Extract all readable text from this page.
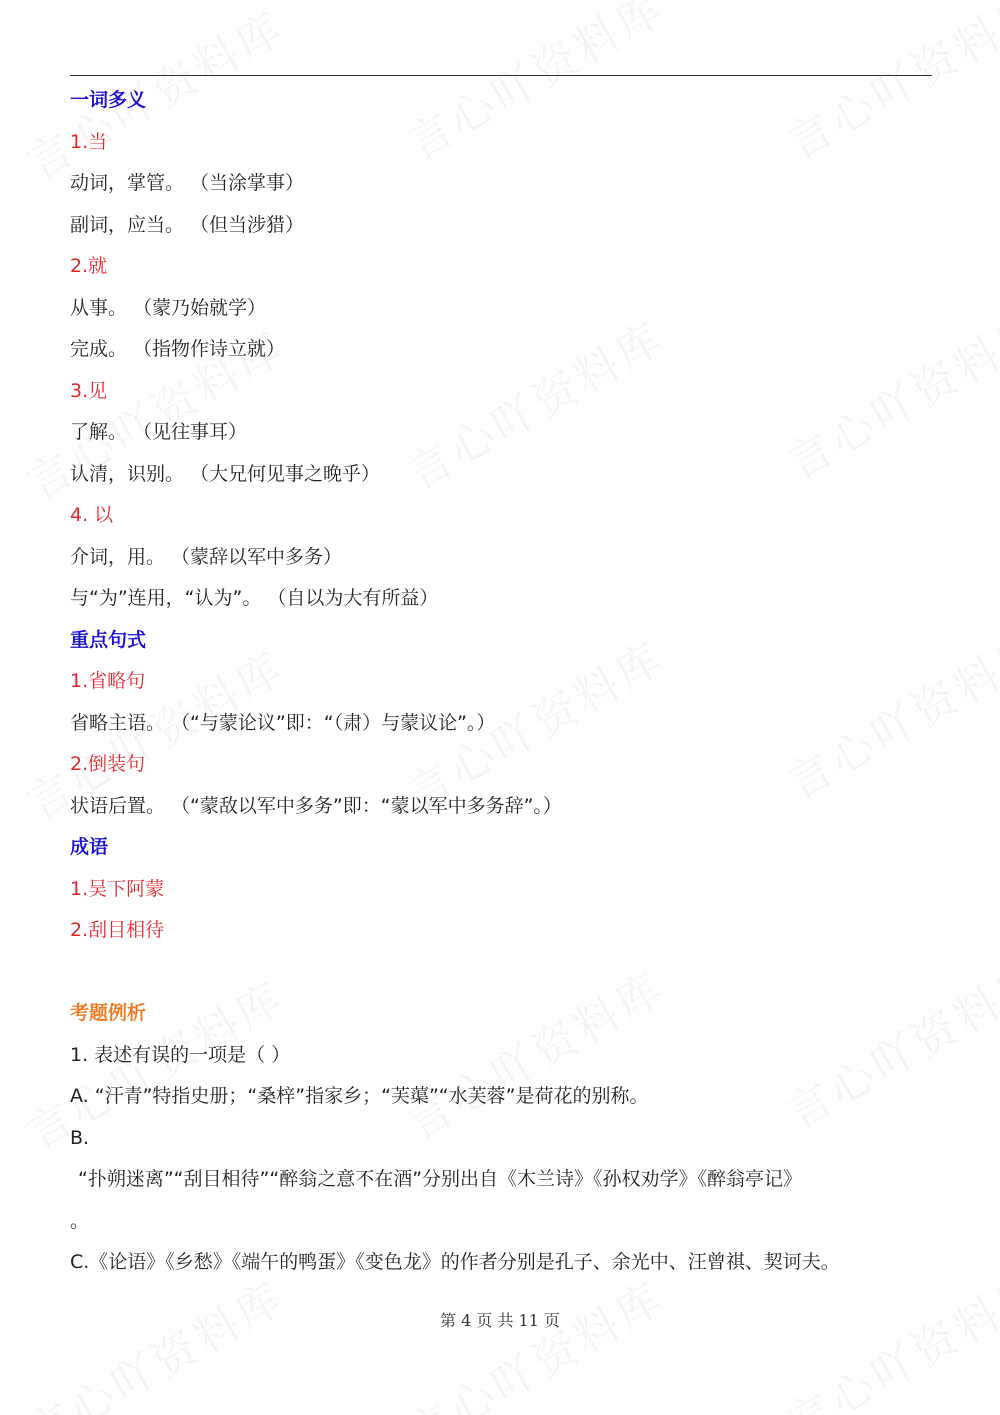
一词多义
1.当
动词，掌管。 （当涂掌事）
副词，应当。 （但当涉猎）
2.就
从事。 （蒙乃始就学）
完成。 （指物作诗立就）
3.见
了解。 （见往事耳）
认清，识别。 （大兄何见事之晚乎）
4. 以
介词，用。 （蒙辞以军中多务）
与“为”连用，“认为”。 （自以为大有所益）
重点句式
1.省略句
省略主语。 （“与蒙论议”即：“（肃）与蒙议论”。）
2.倒装句
状语后置。 （“蒙敌以军中多务”即：“蒙以军中多务辞”。）
成语
1.吴下阿蒙
2.刮目相待
考题例析
1. 表述有误的一项是（ ）
A. “汗青”特指史册；“桑梓”指家乡；“芙蕖”“水芙蓉”是荷花的别称。
B.
“扑朔迷离”“刮目相待”“醉翁之意不在酒”分别出自《木兰诗》《孙权劝学》《醉翁亭记》
。
C.《论语》《乡愁》《端午的鸭蛋》《变色龙》的作者分别是孔子、余光中、汪曾祺、契诃夫。
第 4 页 共 11 页
